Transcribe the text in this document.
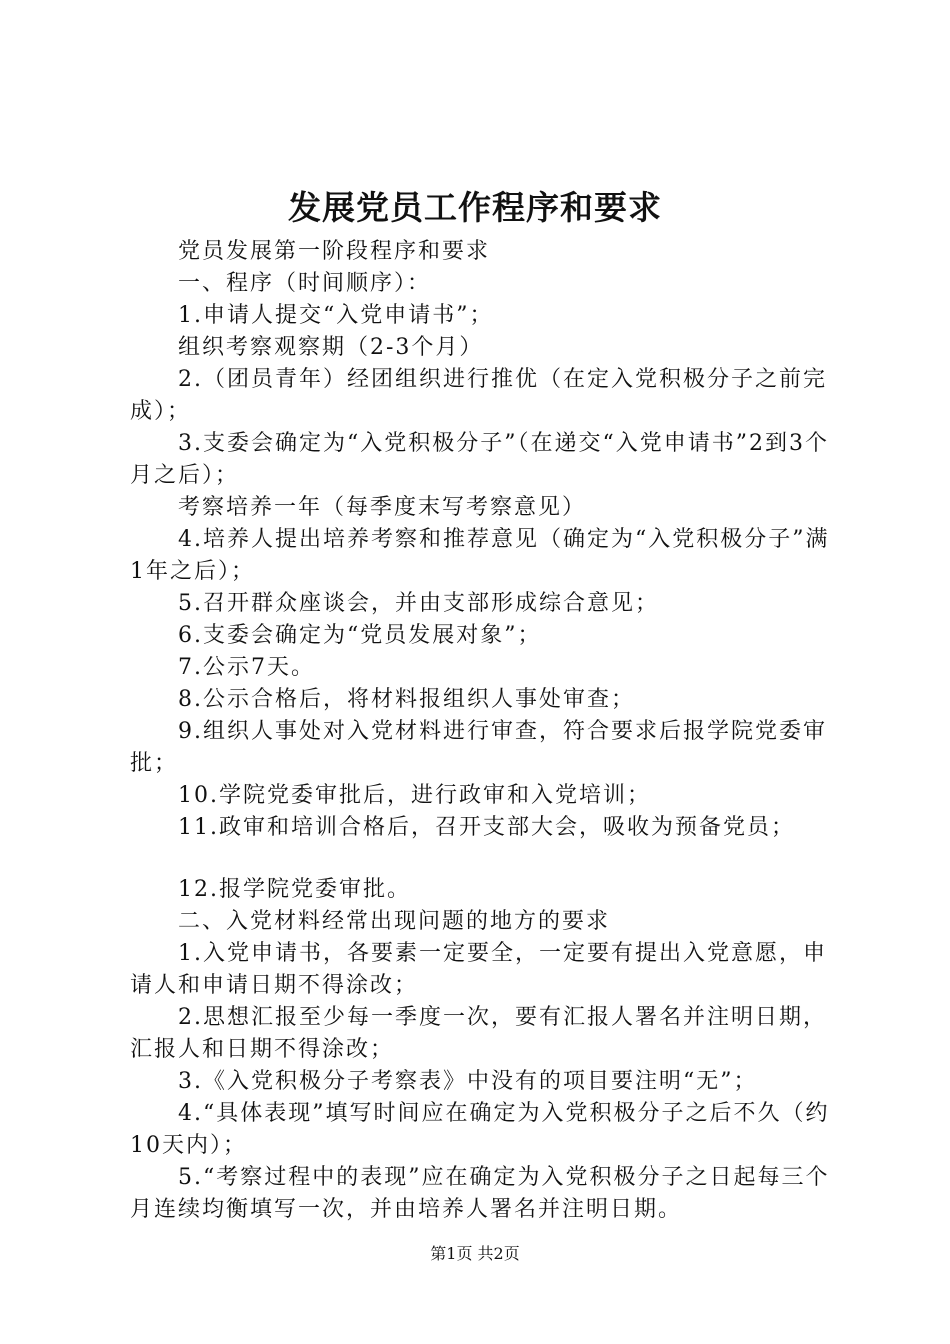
发展党员工作程序和要求

党员发展第一阶段程序和要求

一、程序（时间顺序）：

1.申请人提交“入党申请书”；

组织考察观察期（2-3个月）

2.（团员青年）经团组织进行推优（在定入党积极分子之前完成）；

3.支委会确定为“入党积极分子”（在递交“入党申请书”2到3个月之后）；

考察培养一年（每季度末写考察意见）

4.培养人提出培养考察和推荐意见（确定为“入党积极分子”满1年之后）；

5.召开群众座谈会，并由支部形成综合意见；

6.支委会确定为“党员发展对象”；

7.公示7天。

8.公示合格后，将材料报组织人事处审查；

9.组织人事处对入党材料进行审查，符合要求后报学院党委审批；

10.学院党委审批后，进行政审和入党培训；

11.政审和培训合格后，召开支部大会，吸收为预备党员；

12.报学院党委审批。

二、入党材料经常出现问题的地方的要求

1.入党申请书，各要素一定要全，一定要有提出入党意愿，申请人和申请日期不得涂改；

2.思想汇报至少每一季度一次，要有汇报人署名并注明日期，汇报人和日期不得涂改；

3.《入党积极分子考察表》中没有的项目要注明“无”；

4.“具体表现”填写时间应在确定为入党积极分子之后不久（约10天内）；

5.“考察过程中的表现”应在确定为入党积极分子之日起每三个月连续均衡填写一次，并由培养人署名并注明日期。

第1页 共2页
